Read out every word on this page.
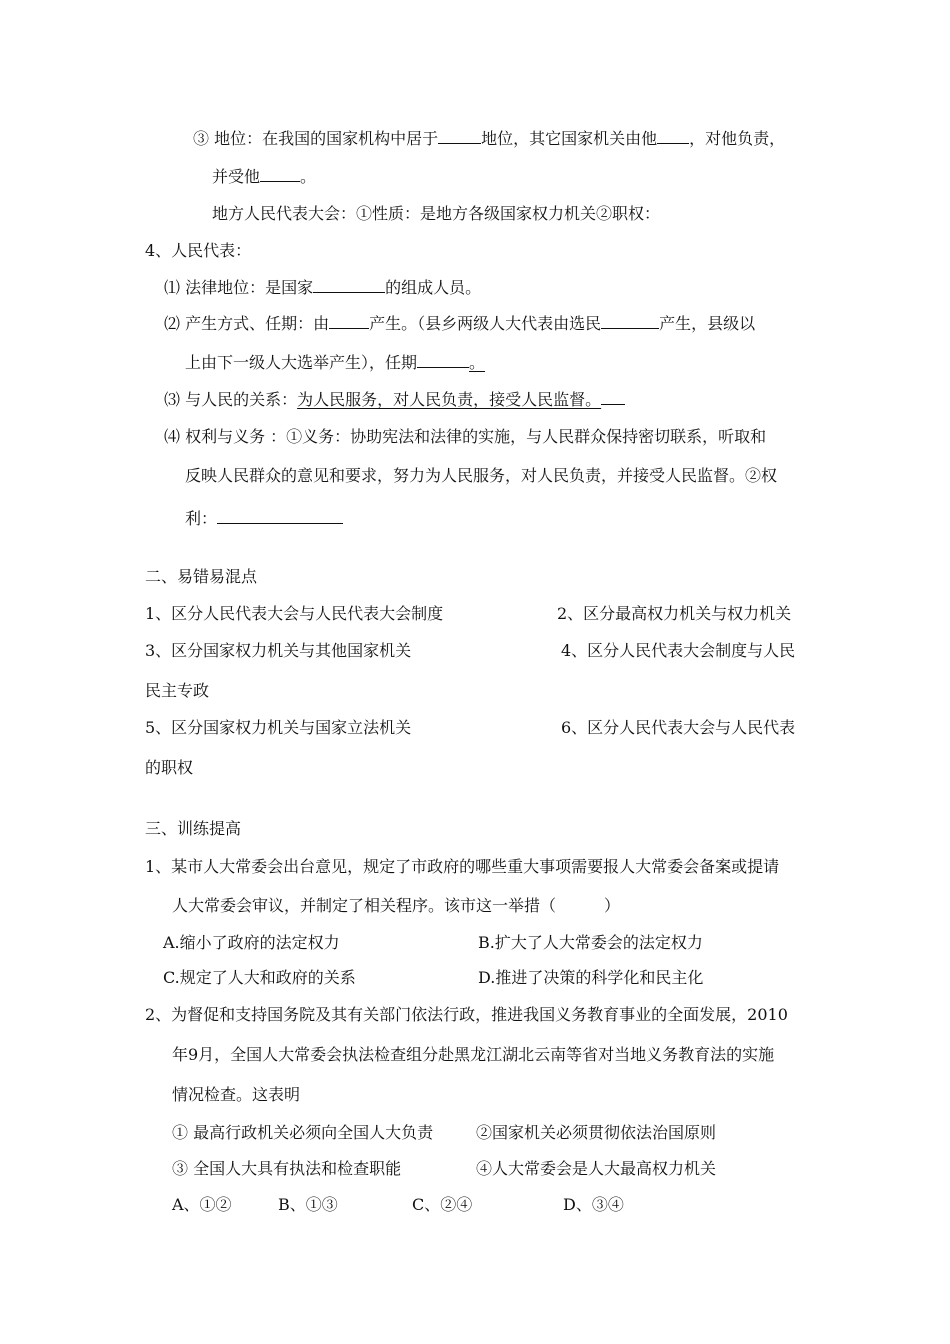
③ 地位：在我国的国家机构中居于	地位，其它国家机关由他 ，对他负责，
并受他	。
地方人民代表大会：①性质：是地方各级国家权力机关②职权：
4、人民代表：
⑴ 法律地位：是国家	的组成人员。
⑵ 产生方式、任期：由	产生。（县乡两级人大代表由选民	产生，县级以
上由下一级人大选举产生），任期	。
⑶ 与人民的关系：为人民服务，对人民负责，接受人民监督。
⑷ 权利与义务 ：①义务：协助宪法和法律的实施，与人民群众保持密切联系，听取和
反映人民群众的意见和要求，努力为人民服务，对人民负责，并接受人民监督。②权
利：
二、易错易混点
1、区分人民代表大会与人民代表大会制度	2、区分最高权力机关与权力机关
3、区分国家权力机关与其他国家机关	4、区分人民代表大会制度与人民
民主专政
5、区分国家权力机关与国家立法机关	6、区分人民代表大会与人民代表
的职权
三、训练提高
1、某市人大常委会出台意见，规定了市政府的哪些重大事项需要报人大常委会备案或提请
人大常委会审议，并制定了相关程序。该市这一举措（　　　）
A.缩小了政府的法定权力	B.扩大了人大常委会的法定权力
C.规定了人大和政府的关系	D.推进了决策的科学化和民主化
2、为督促和支持国务院及其有关部门依法行政，推进我国义务教育事业的全面发展，2010
年9月，全国人大常委会执法检查组分赴黑龙江湖北云南等省对当地义务教育法的实施
情况检查。这表明
① 最高行政机关必须向全国人大负责	②国家机关必须贯彻依法治国原则
③ 全国人大具有执法和检查职能	④人大常委会是人大最高权力机关
A、①②	B、①③	C、②④	D、③④
